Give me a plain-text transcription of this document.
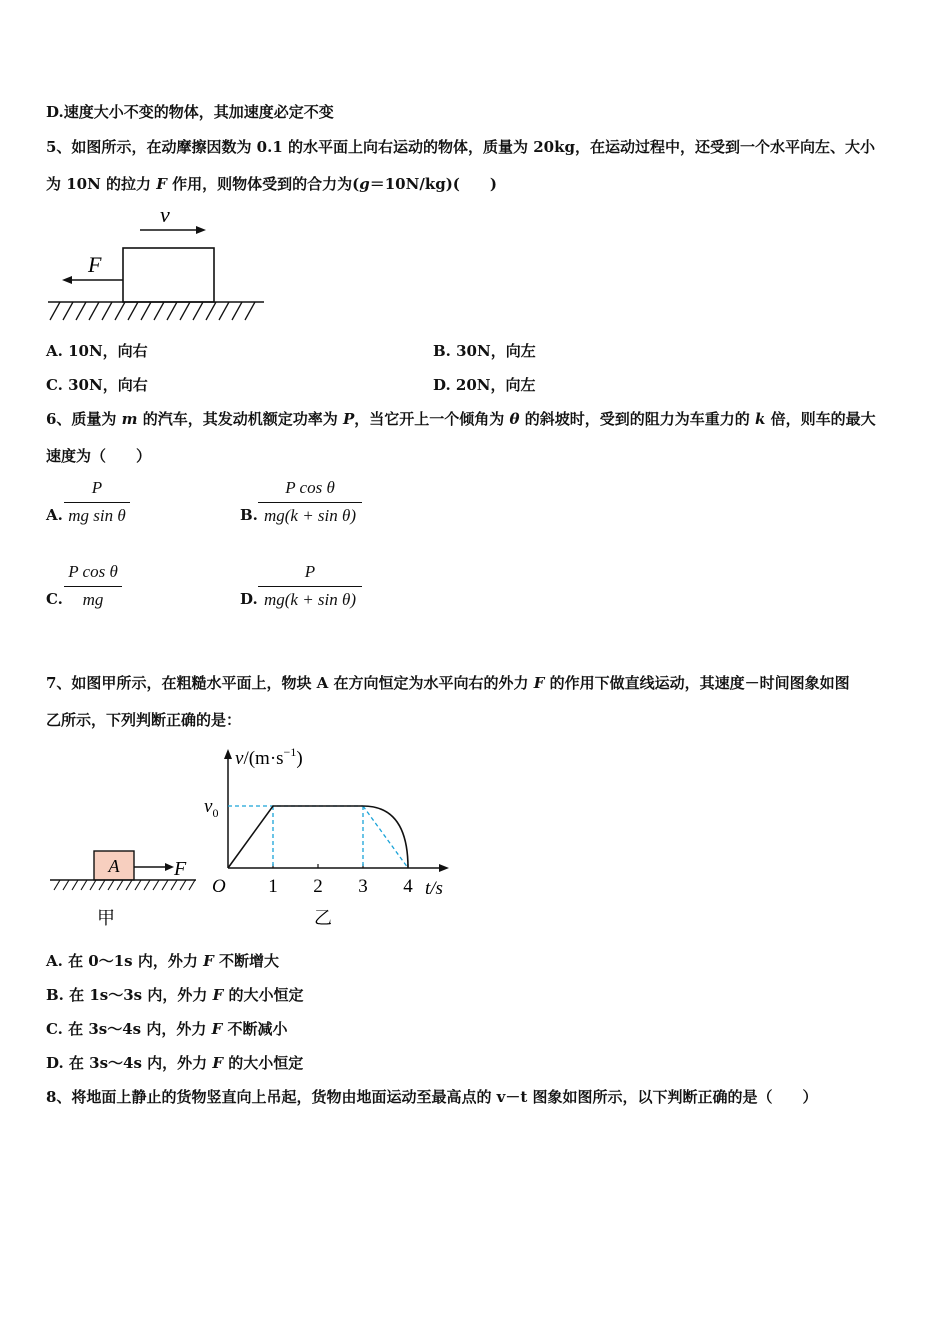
D.速度大小不变的物体，其加速度必定不变
5、如图所示，在动摩擦因数为 0.1 的水平面上向右运动的物体，质量为 20kg，在运动过程中，还受到一个水平向左、大小
为 10N 的拉力 F 作用，则物体受到的合力为(g＝10N/kg)(　　)
v
F
A. 10N，向右	B. 30N，向左
C. 30N，向右	D. 20N，向左
6、质量为 m 的汽车，其发动机额定功率为 P，当它开上一个倾角为 θ 的斜坡时，受到的阻力为车重力的 k 倍，则车的最大
速度为（　　）
A.
P
mg sin θ	B.
P cos θ
mg(k + sin θ)
C.
P cos θ
mg	D.
P
mg(k + sin θ)
7、如图甲所示，在粗糙水平面上，物块 A 在方向恒定为水平向右的外力 F 的作用下做直线运动，其速度－时间图象如图
乙所示，下列判断正确的是：
A	F
甲
$v/(m\cdot s^{-1})$
t/s
O
$v_0$
1 2 3 4
乙
A. 在 0～1s 内，外力 F 不断增大
B. 在 1s～3s 内，外力 F 的大小恒定
C. 在 3s～4s 内，外力 F 不断减小
D. 在 3s～4s 内，外力 F 的大小恒定
8、将地面上静止的货物竖直向上吊起，货物由地面运动至最高点的 v－t 图象如图所示，以下判断正确的是（　　）
